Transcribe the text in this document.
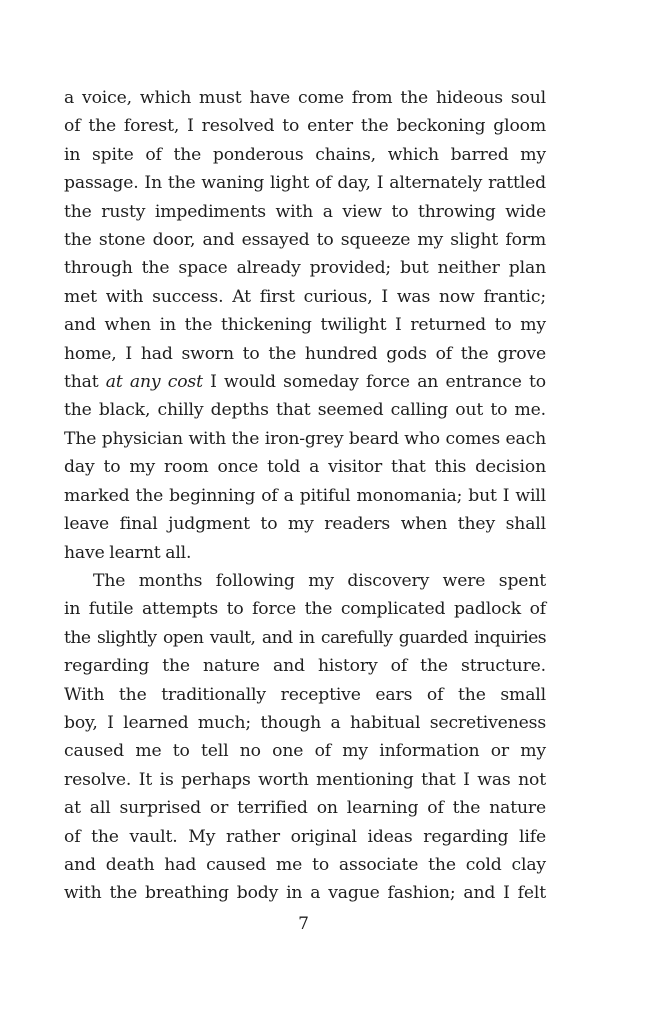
a voice, which must have come from the hideous soul
of the forest, I resolved to enter the beckoning gloom
in spite of the ponderous chains, which barred my
passage. In the waning light of day, I alternately rattled
the rusty impediments with a view to throwing wide
the stone door, and essayed to squeeze my slight form
through the space already provided; but neither plan
met with success. At first curious, I was now frantic;
and when in the thickening twilight I returned to my
home, I had sworn to the hundred gods of the grove
that at any cost I would someday force an entrance to
the black, chilly depths that seemed calling out to me.
The physician with the iron-grey beard who comes each
day to my room once told a visitor that this decision
marked the beginning of a pitiful monomania; but I will
leave final judgment to my readers when they shall
have learnt all.
The months following my discovery were spent
in futile attempts to force the complicated padlock of
the slightly open vault, and in carefully guarded inquiries
regarding the nature and history of the structure.
With the traditionally receptive ears of the small
boy, I learned much; though a habitual secretiveness
caused me to tell no one of my information or my
resolve. It is perhaps worth mentioning that I was not
at all surprised or terrified on learning of the nature
of the vault. My rather original ideas regarding life
and death had caused me to associate the cold clay
with the breathing body in a vague fashion; and I felt
7
